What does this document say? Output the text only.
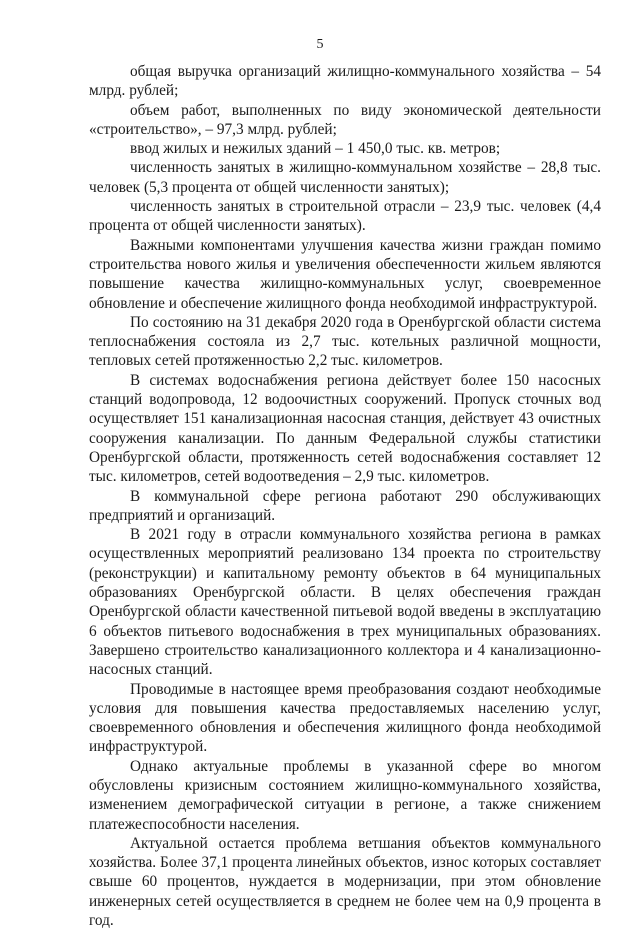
5

общая выручка организаций жилищно-коммунального хозяйства – 54 млрд. рублей;

объем работ, выполненных по виду экономической деятельности «строительство», – 97,3 млрд. рублей;

ввод жилых и нежилых зданий – 1 450,0 тыс. кв. метров;

численность занятых в жилищно-коммунальном хозяйстве – 28,8 тыс. человек (5,3 процента от общей численности занятых);

численность занятых в строительной отрасли – 23,9 тыс. человек (4,4 процента от общей численности занятых).

Важными компонентами улучшения качества жизни граждан помимо строительства нового жилья и увеличения обеспеченности жильем являются повышение качества жилищно-коммунальных услуг, своевременное обновление и обеспечение жилищного фонда необходимой инфраструктурой.

По состоянию на 31 декабря 2020 года в Оренбургской области система теплоснабжения состояла из 2,7 тыс. котельных различной мощности, тепловых сетей протяженностью 2,2 тыс. километров.

В системах водоснабжения региона действует более 150 насосных станций водопровода, 12 водоочистных сооружений. Пропуск сточных вод осуществляет 151 канализационная насосная станция, действует 43 очистных сооружения канализации. По данным Федеральной службы статистики Оренбургской области, протяженность сетей водоснабжения составляет 12 тыс. километров, сетей водоотведения – 2,9 тыс. километров.

В коммунальной сфере региона работают 290 обслуживающих предприятий и организаций.

В 2021 году в отрасли коммунального хозяйства региона в рамках осуществленных мероприятий реализовано 134 проекта по строительству (реконструкции) и капитальному ремонту объектов в 64 муниципальных образованиях Оренбургской области. В целях обеспечения граждан Оренбургской области качественной питьевой водой введены в эксплуатацию 6 объектов питьевого водоснабжения в трех муниципальных образованиях. Завершено строительство канализационного коллектора и 4 канализационно-насосных станций.

Проводимые в настоящее время преобразования создают необходимые условия для повышения качества предоставляемых населению услуг, своевременного обновления и обеспечения жилищного фонда необходимой инфраструктурой.

Однако актуальные проблемы в указанной сфере во многом обусловлены кризисным состоянием жилищно-коммунального хозяйства, изменением демографической ситуации в регионе, а также снижением платежеспособности населения.

Актуальной остается проблема ветшания объектов коммунального хозяйства. Более 37,1 процента линейных объектов, износ которых составляет свыше 60 процентов, нуждается в модернизации, при этом обновление инженерных сетей осуществляется в среднем не более чем на 0,9 процента в год.
